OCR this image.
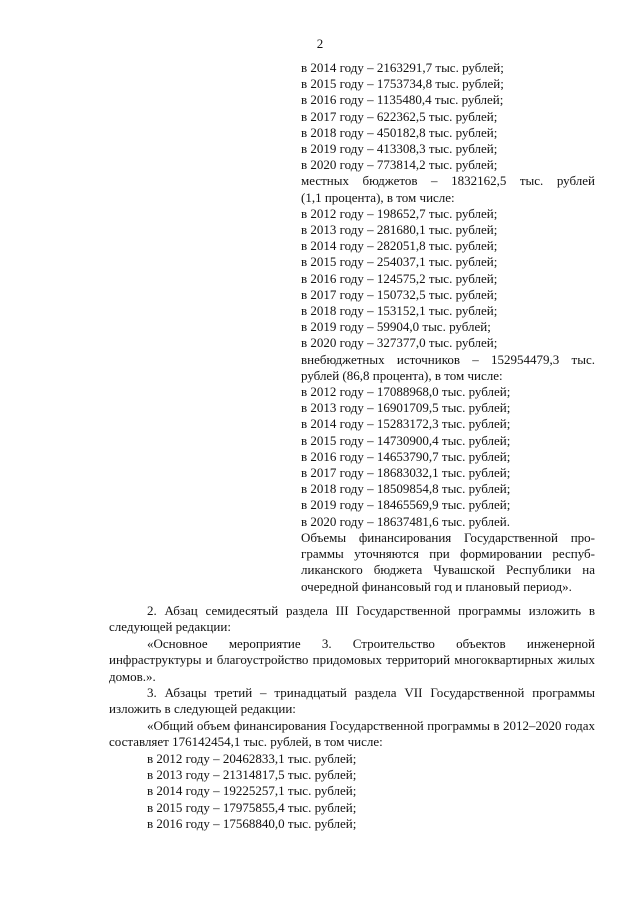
2
в 2014 году – 2163291,7 тыс. рублей;
в 2015 году – 1753734,8 тыс. рублей;
в 2016 году – 1135480,4 тыс. рублей;
в 2017 году – 622362,5 тыс. рублей;
в 2018 году – 450182,8 тыс. рублей;
в 2019 году – 413308,3 тыс. рублей;
в 2020 году – 773814,2 тыс. рублей;
местных бюджетов – 1832162,5 тыс. рублей
(1,1 процента), в том числе:
в 2012 году – 198652,7 тыс. рублей;
в 2013 году – 281680,1 тыс. рублей;
в 2014 году – 282051,8 тыс. рублей;
в 2015 году – 254037,1 тыс. рублей;
в 2016 году – 124575,2 тыс. рублей;
в 2017 году – 150732,5 тыс. рублей;
в 2018 году – 153152,1 тыс. рублей;
в 2019 году – 59904,0 тыс. рублей;
в 2020 году – 327377,0 тыс. рублей;
внебюджетных источников – 152954479,3 тыс.
рублей (86,8 процента), в том числе:
в 2012 году – 17088968,0 тыс. рублей;
в 2013 году – 16901709,5 тыс. рублей;
в 2014 году – 15283172,3 тыс. рублей;
в 2015 году – 14730900,4 тыс. рублей;
в 2016 году – 14653790,7 тыс. рублей;
в 2017 году – 18683032,1 тыс. рублей;
в 2018 году – 18509854,8 тыс. рублей;
в 2019 году – 18465569,9 тыс. рублей;
в 2020 году – 18637481,6 тыс. рублей.
Объемы финансирования Государственной про-
граммы уточняются при формировании респуб-
ликанского бюджета Чувашской Республики на
очередной финансовый год и плановый период».

2. Абзац семидесятый раздела III Государственной программы изложить в следующей редакции:

«Основное мероприятие 3. Строительство объектов инженерной инфраструктуры и благоустройство придомовых территорий многоквартирных жилых домов.».

3. Абзацы третий – тринадцатый раздела VII Государственной программы изложить в следующей редакции:

«Общий объем финансирования Государственной программы в 2012–2020 годах составляет 176142454,1 тыс. рублей, в том числе:

в 2012 году – 20462833,1 тыс. рублей;
в 2013 году – 21314817,5 тыс. рублей;
в 2014 году – 19225257,1 тыс. рублей;
в 2015 году – 17975855,4 тыс. рублей;
в 2016 году – 17568840,0 тыс. рублей;
